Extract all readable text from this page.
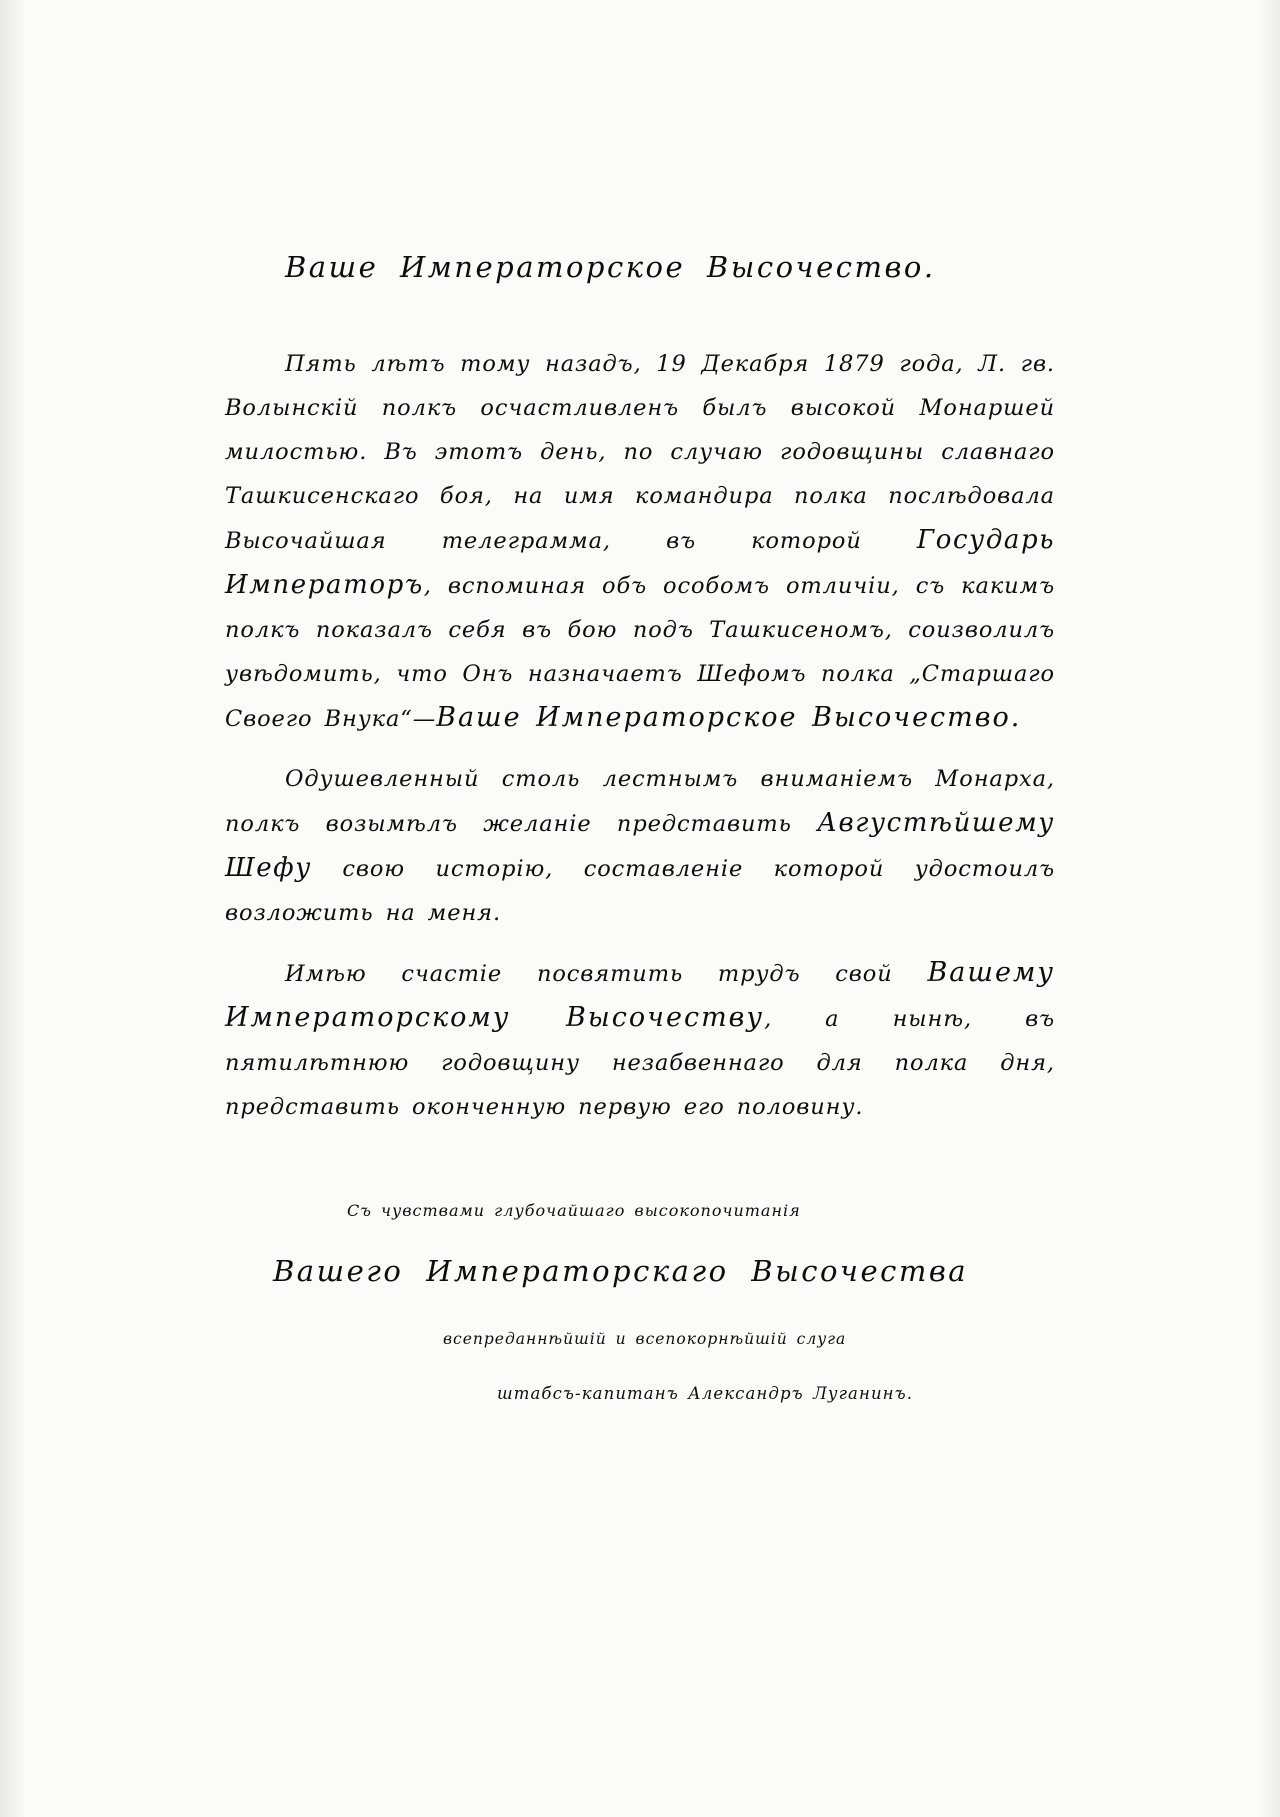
Ваше Императорское Высочество.

Пять лѣтъ тому назадъ, 19 Декабря 1879 года, Л. гв. Волынскій полкъ осчастливленъ былъ высокой Монаршей милостью. Въ этотъ день, по случаю годовщины славнаго Ташкисенскаго боя, на имя командира полка послѣдовала Высочайшая телеграмма, въ которой Государь Императоръ, вспоминая объ особомъ отличіи, съ какимъ полкъ показалъ себя въ бою подъ Ташкисеномъ, соизволилъ увѣдомить, что Онъ назначаетъ Шефомъ полка „Старшаго Своего Внука“—Ваше Императорское Высочество.

Одушевленный столь лестнымъ вниманіемъ Монарха, полкъ возымѣлъ желаніе представить Августѣйшему Шефу свою исторію, составленіе которой удостоилъ возложить на меня.

Имѣю счастіе посвятить трудъ свой Вашему Императорскому Высочеству, а нынѣ, въ пятилѣтнюю годовщину незабвеннаго для полка дня, представить оконченную первую его половину.

Съ чувствами глубочайшаго высокопочитанія
Вашего Императорскаго Высочества
всепреданнѣйшій и всепокорнѣйшій слуга
штабсъ-капитанъ Александръ Луганинъ.
